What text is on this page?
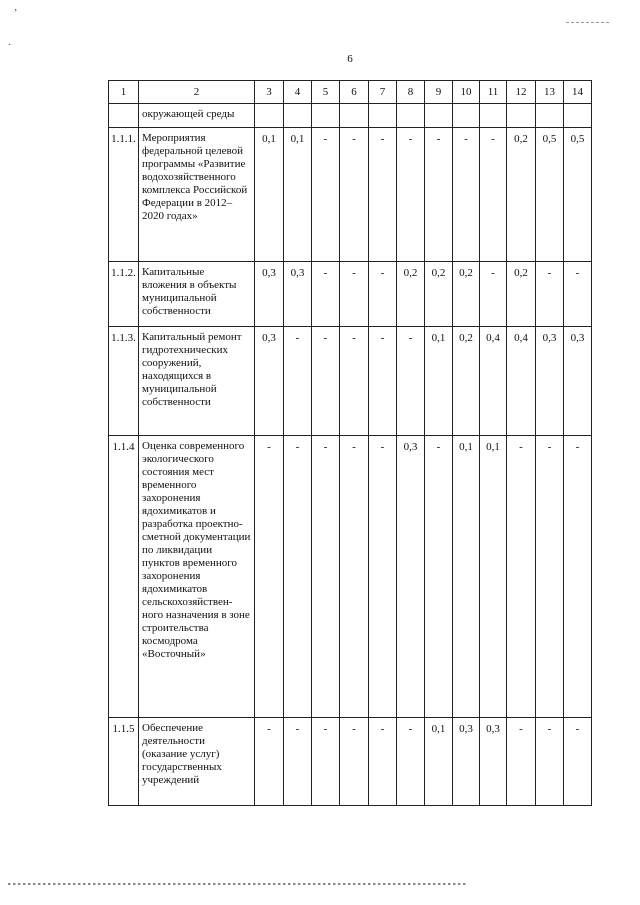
6
ʼ
·
1	2	3	4	5	6	7	8	9	10	11	12	13	14
	окружающей среды												
1.1.1.	Мероприятия федеральной целевой программы «Развитие водохозяйственного комплекса Российской Федерации в 2012–2020 годах»	0,1	0,1	-	-	-	-	-	-	-	0,2	0,5	0,5
1.1.2.	Капитальные вложения в объекты муниципальной собственности	0,3	0,3	-	-	-	0,2	0,2	0,2	-	0,2	-	-
1.1.3.	Капитальный ремонт гидротехнических сооружений, находящихся в муниципальной собственности	0,3	-	-	-	-	-	0,1	0,2	0,4	0,4	0,3	0,3
1.1.4	Оценка современного экологического состояния мест временного захоронения ядохимикатов и разработка проектно-сметной документации по ликвидации пунктов временного захоронения ядохимикатов сельскохозяйствен-ного назначения в зоне строительства космодрома «Восточный»	-	-	-	-	-	0,3	-	0,1	0,1	-	-	-
1.1.5	Обеспечение деятельности (оказание услуг) государственных учреждений	-	-	-	-	-	-	0,1	0,3	0,3	-	-	-
